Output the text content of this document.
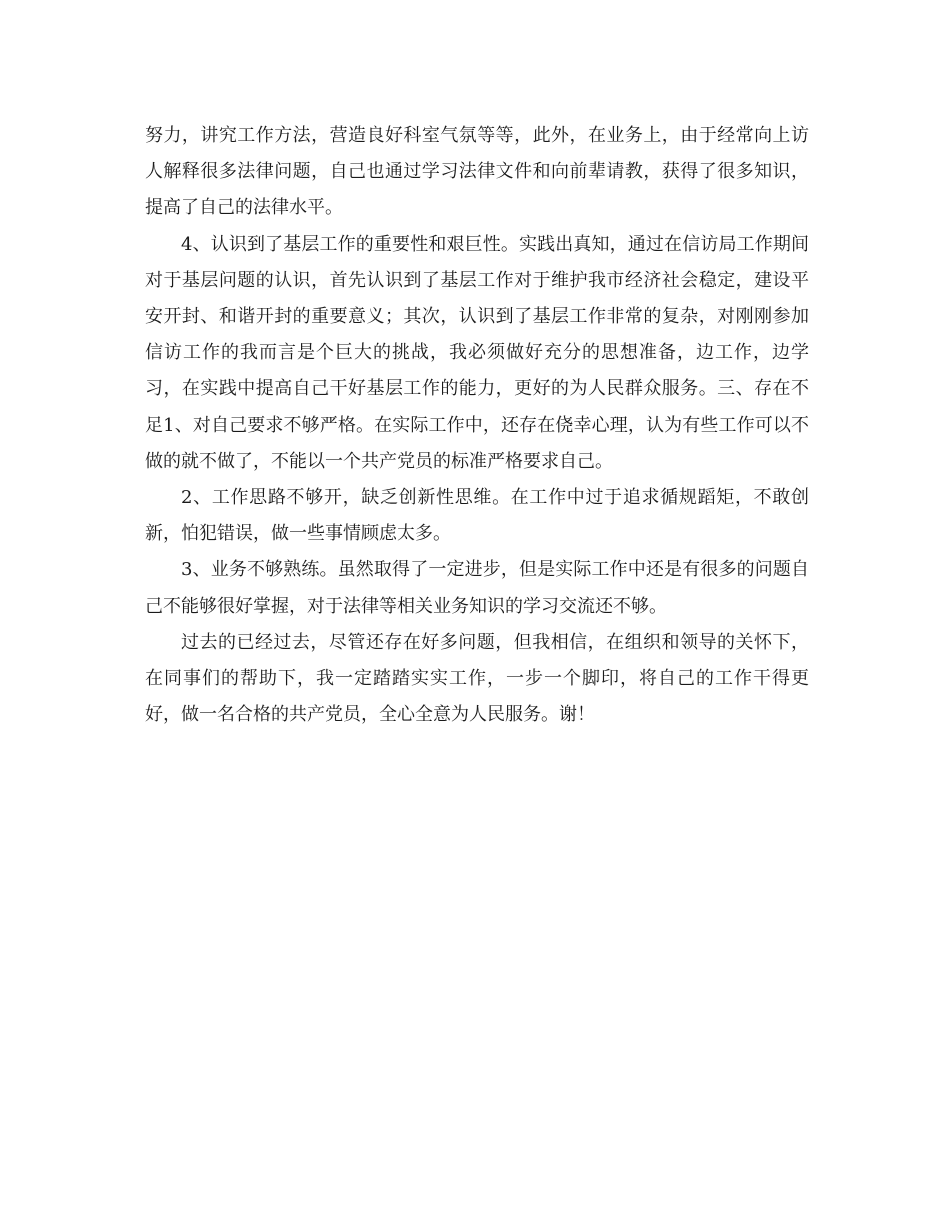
努力，讲究工作方法，营造良好科室气氛等等，此外，在业务上，由于经常向上访人解释很多法律问题，自己也通过学习法律文件和向前辈请教，获得了很多知识，提高了自己的法律水平。

4、认识到了基层工作的重要性和艰巨性。实践出真知，通过在信访局工作期间对于基层问题的认识，首先认识到了基层工作对于维护我市经济社会稳定，建设平安开封、和谐开封的重要意义；其次，认识到了基层工作非常的复杂，对刚刚参加信访工作的我而言是个巨大的挑战，我必须做好充分的思想准备，边工作，边学习，在实践中提高自己干好基层工作的能力，更好的为人民群众服务。三、存在不足1、对自己要求不够严格。在实际工作中，还存在侥幸心理，认为有些工作可以不做的就不做了，不能以一个共产党员的标准严格要求自己。

2、工作思路不够开，缺乏创新性思维。在工作中过于追求循规蹈矩，不敢创新，怕犯错误，做一些事情顾虑太多。

3、业务不够熟练。虽然取得了一定进步，但是实际工作中还是有很多的问题自己不能够很好掌握，对于法律等相关业务知识的学习交流还不够。

过去的已经过去，尽管还存在好多问题，但我相信，在组织和领导的关怀下，在同事们的帮助下，我一定踏踏实实工作，一步一个脚印，将自己的工作干得更好，做一名合格的共产党员，全心全意为人民服务。谢！
